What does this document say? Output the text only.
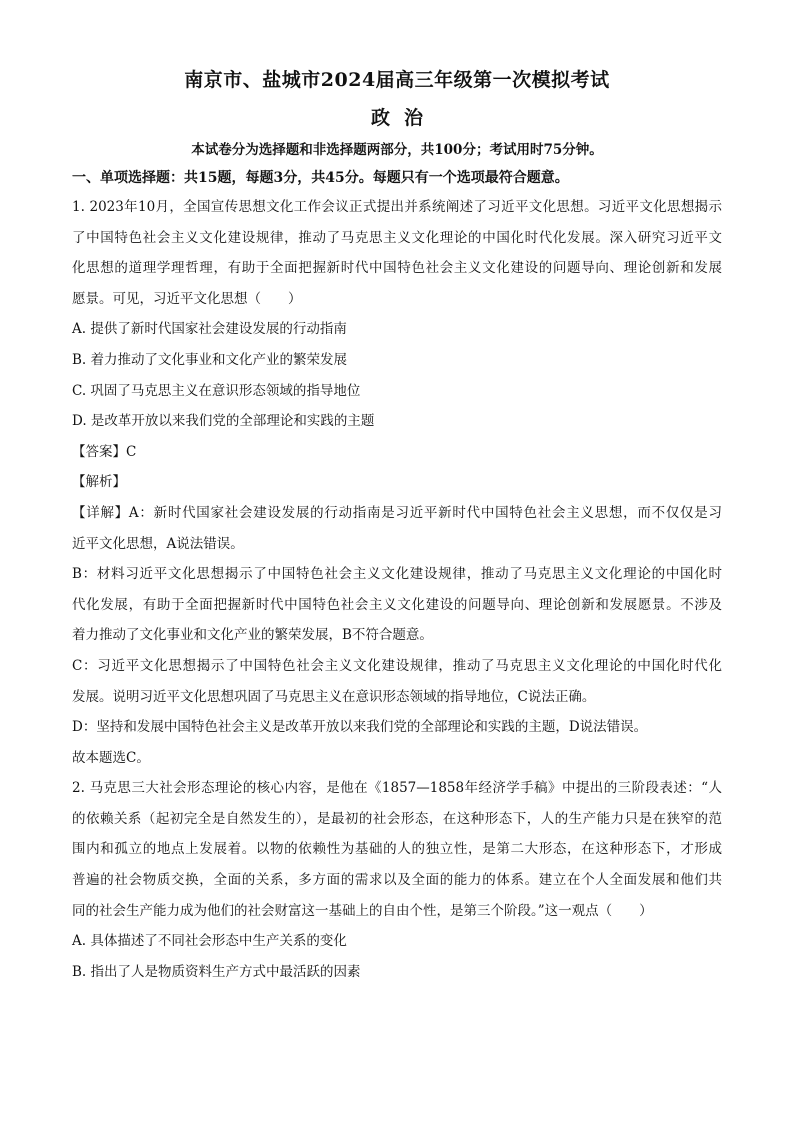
南京市、盐城市2024届高三年级第一次模拟考试
政治
本试卷分为选择题和非选择题两部分，共100分；考试用时75分钟。
一、单项选择题：共15题，每题3分，共45分。每题只有一个选项最符合题意。

1. 2023年10月，全国宣传思想文化工作会议正式提出并系统阐述了习近平文化思想。习近平文化思想揭示

了中国特色社会主义文化建设规律，推动了马克思主义文化理论的中国化时代化发展。深入研究习近平文

化思想的道理学理哲理，有助于全面把握新时代中国特色社会主义文化建设的问题导向、理论创新和发展

愿景。可见，习近平文化思想（　　）

A. 提供了新时代国家社会建设发展的行动指南

B. 着力推动了文化事业和文化产业的繁荣发展

C. 巩固了马克思主义在意识形态领域的指导地位

D. 是改革开放以来我们党的全部理论和实践的主题

【答案】C

【解析】

【详解】A：新时代国家社会建设发展的行动指南是习近平新时代中国特色社会主义思想，而不仅仅是习

近平文化思想，A说法错误。

B：材料习近平文化思想揭示了中国特色社会主义文化建设规律，推动了马克思主义文化理论的中国化时

代化发展，有助于全面把握新时代中国特色社会主义文化建设的问题导向、理论创新和发展愿景。不涉及

着力推动了文化事业和文化产业的繁荣发展，B不符合题意。

C：习近平文化思想揭示了中国特色社会主义文化建设规律，推动了马克思主义文化理论的中国化时代化

发展。说明习近平文化思想巩固了马克思主义在意识形态领域的指导地位，C说法正确。

D：坚持和发展中国特色社会主义是改革开放以来我们党的全部理论和实践的主题，D说法错误。

故本题选C。

2. 马克思三大社会形态理论的核心内容，是他在《1857—1858年经济学手稿》中提出的三阶段表述：“人

的依赖关系（起初完全是自然发生的），是最初的社会形态，在这种形态下，人的生产能力只是在狭窄的范

围内和孤立的地点上发展着。以物的依赖性为基础的人的独立性，是第二大形态，在这种形态下，才形成

普遍的社会物质交换，全面的关系，多方面的需求以及全面的能力的体系。建立在个人全面发展和他们共

同的社会生产能力成为他们的社会财富这一基础上的自由个性，是第三个阶段。”这一观点（　　）

A. 具体描述了不同社会形态中生产关系的变化

B. 指出了人是物质资料生产方式中最活跃的因素
